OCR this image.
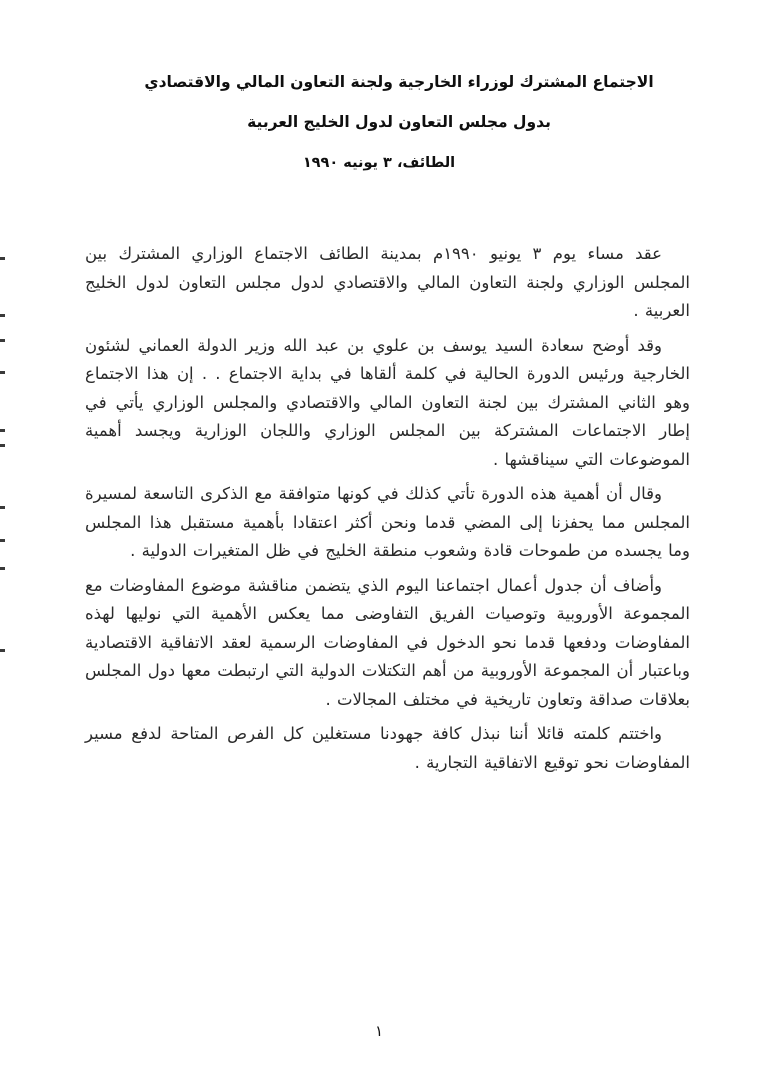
الاجتماع المشترك لوزراء الخارجية ولجنة التعاون المالي والاقتصادي
بدول مجلس التعاون لدول الخليج العربية
الطائف، ٣ يونيه ١٩٩٠

عقد مساء يوم ٣ يونيو ١٩٩٠م بمدينة الطائف الاجتماع الوزاري المشترك بين المجلس الوزاري ولجنة التعاون المالي والاقتصادي لدول مجلس التعاون لدول الخليج العربية .

وقد أوضح سعادة السيد يوسف بن علوي بن عبد الله وزير الدولة العماني لشئون الخارجية ورئيس الدورة الحالية في كلمة ألقاها في بداية الاجتماع . . إن هذا الاجتماع وهو الثاني المشترك بين لجنة التعاون المالي والاقتصادي والمجلس الوزاري يأتي في إطار الاجتماعات المشتركة بين المجلس الوزاري واللجان الوزارية ويجسد أهمية الموضوعات التي سيناقشها .

وقال أن أهمية هذه الدورة تأتي كذلك في كونها متوافقة مع الذكرى التاسعة لمسيرة المجلس مما يحفزنا إلى المضي قدما ونحن أكثر اعتقادا بأهمية مستقبل هذا المجلس وما يجسده من طموحات قادة وشعوب منطقة الخليج في ظل المتغيرات الدولية .

وأضاف أن جدول أعمال اجتماعنا اليوم الذي يتضمن مناقشة موضوع المفاوضات مع المجموعة الأوروبية وتوصيات الفريق التفاوضى مما يعكس الأهمية التي نوليها لهذه المفاوضات ودفعها قدما نحو الدخول في المفاوضات الرسمية لعقد الاتفاقية الاقتصادية وباعتبار أن المجموعة الأوروبية من أهم التكتلات الدولية التي ارتبطت معها دول المجلس بعلاقات صداقة وتعاون تاريخية في مختلف المجالات .

واختتم كلمته قائلا أننا نبذل كافة جهودنا مستغلين كل الفرص المتاحة لدفع مسير المفاوضات نحو توقيع الاتفاقية التجارية .

١
